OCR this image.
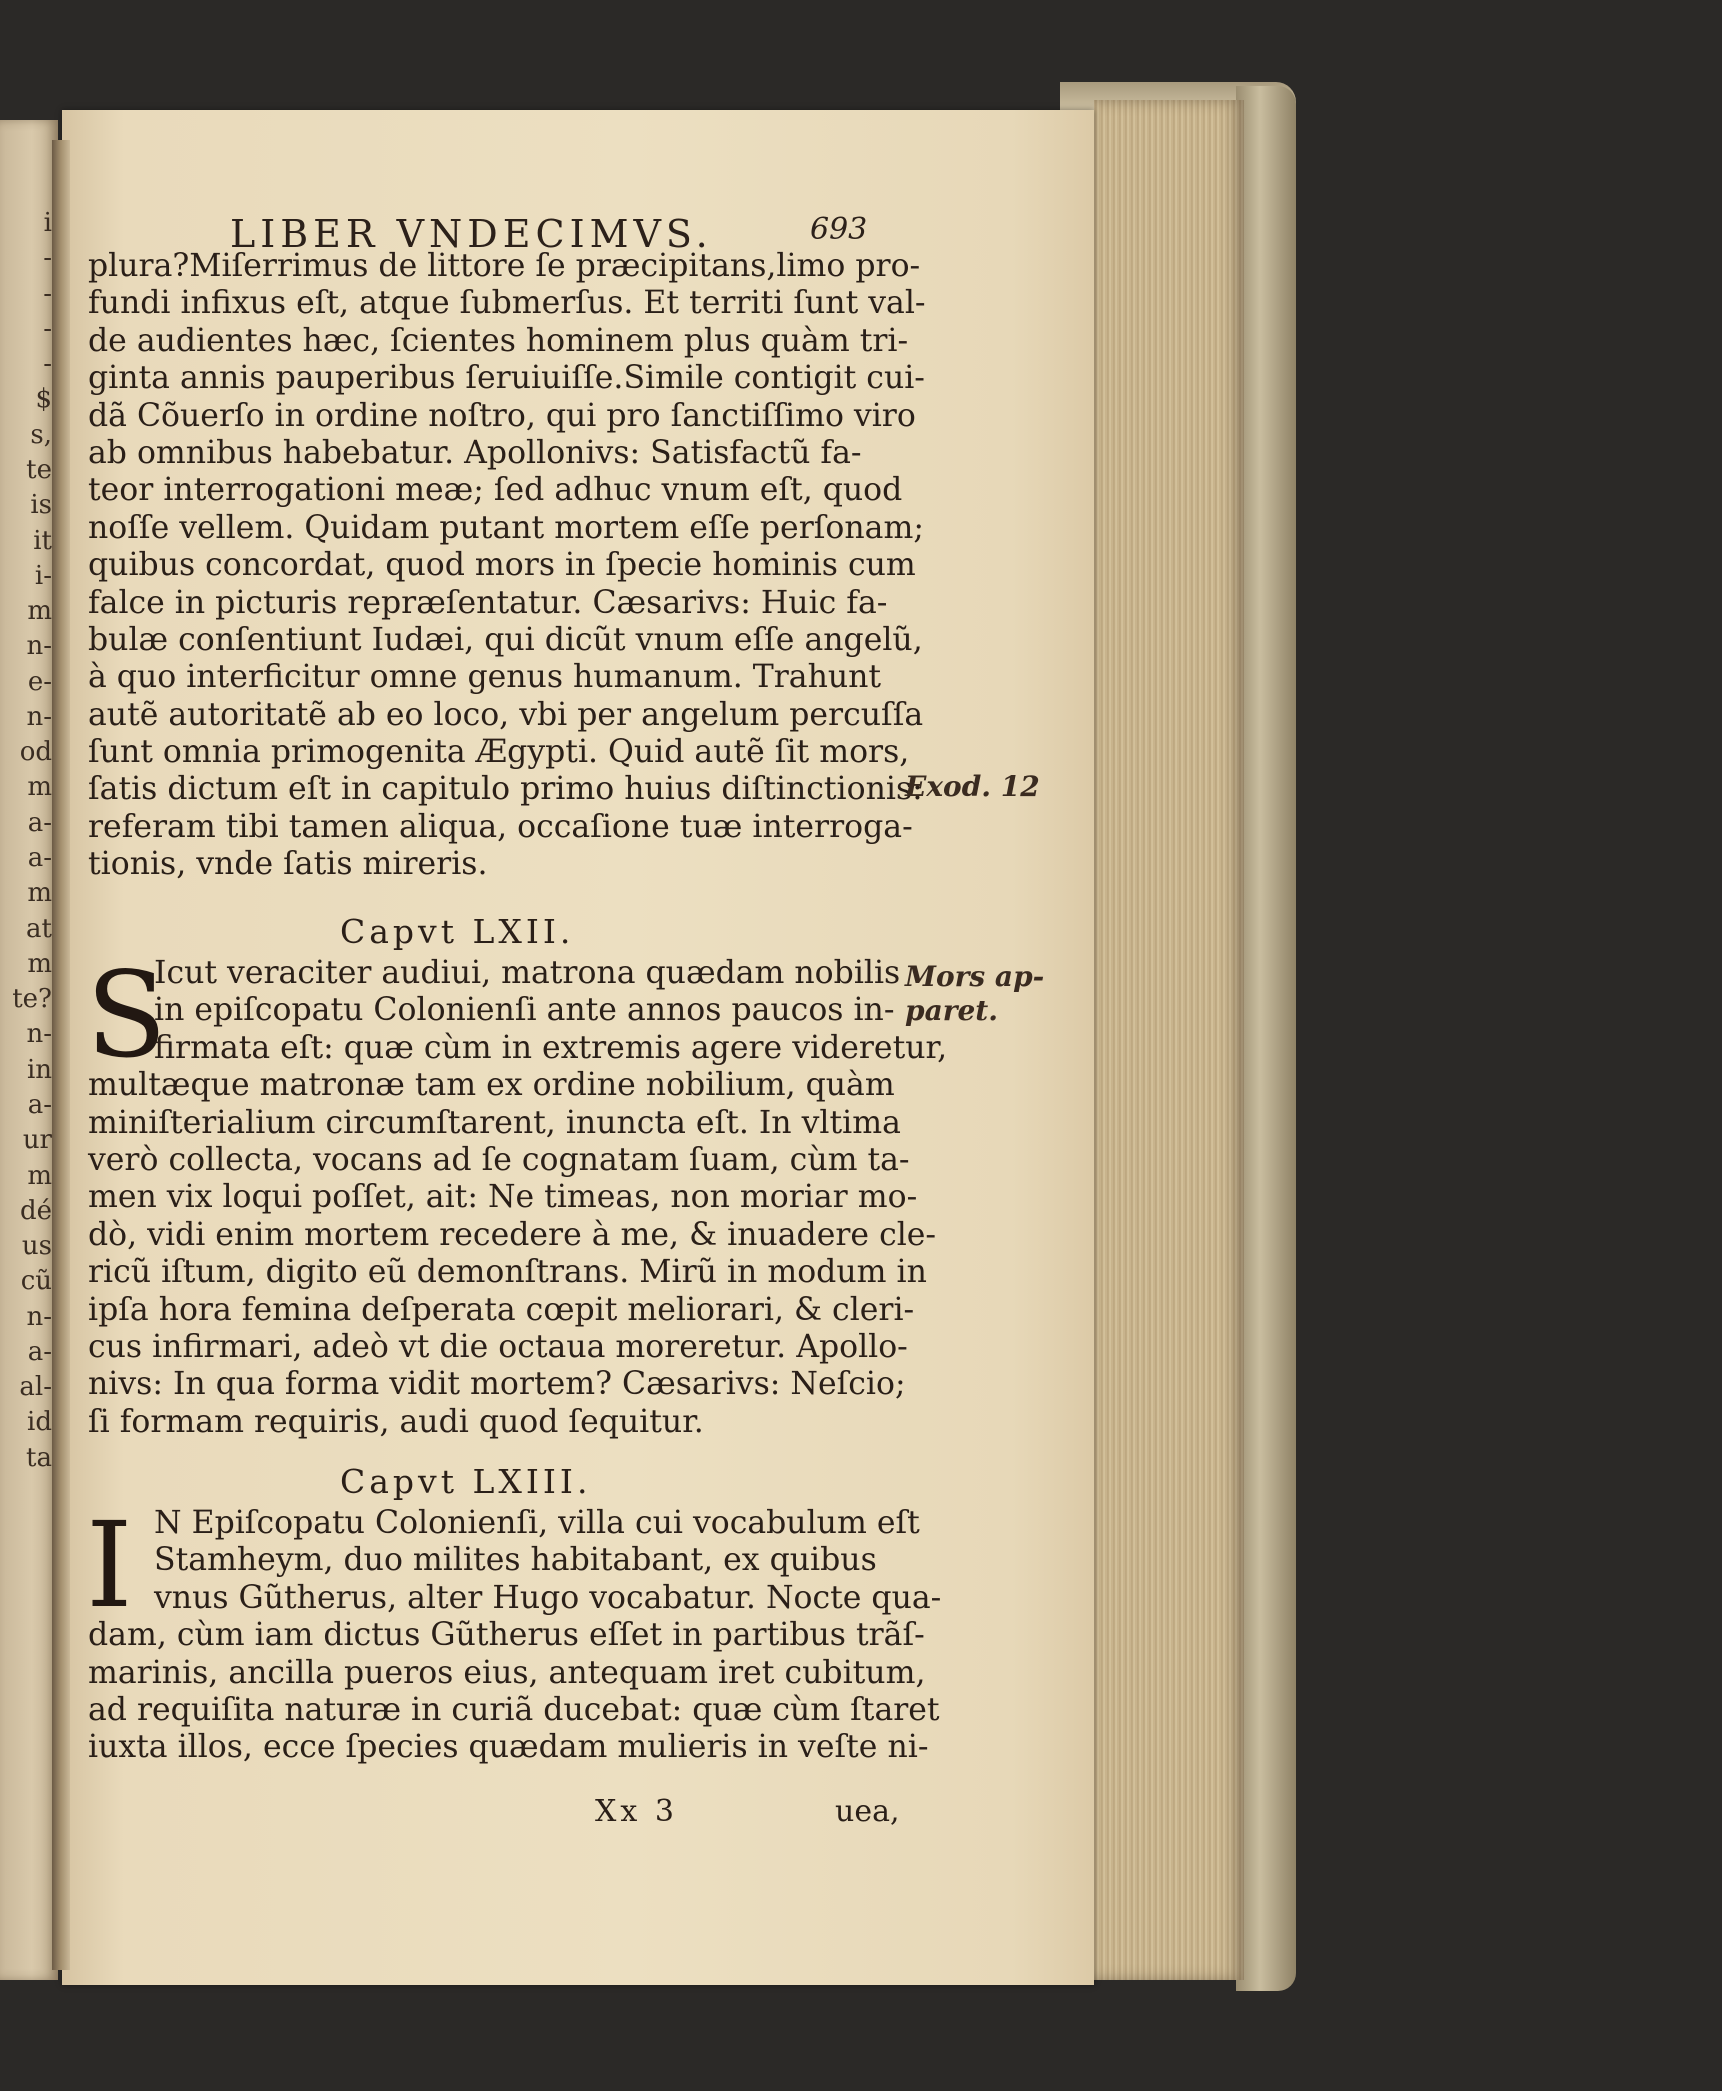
i
-
-
-
-
$
s,
te
is
it
i-
m
n-
e-
n-
od
m
a-
a-
m
at
m
te?
n-
in
a-
ur
m
dé
us
cũ
n-
a-
al-
id
ta
LIBER VNDECIMVS.	693
plura?Miſerrimus de littore ſe præcipitans,limo pro-
fundi infixus eſt, atque ſubmerſus. Et territi ſunt val-
de audientes hæc, ſcientes hominem plus quàm tri-
ginta annis pauperibus ſeruiuiſſe.Simile contigit cui-
dã Cõuerſo in ordine noſtro, qui pro ſanctiſſimo viro
ab omnibus habebatur. Apollonivs: Satisfactũ fa-
teor interrogationi meæ; ſed adhuc vnum eſt, quod
noſſe vellem. Quidam putant mortem eſſe perſonam;
quibus concordat, quod mors in ſpecie hominis cum
falce in picturis repræſentatur. Cæsarivs: Huic fa-
bulæ conſentiunt Iudæi, qui dicũt vnum eſſe angelũ,
à quo interficitur omne genus humanum. Trahunt
autẽ autoritatẽ ab eo loco, vbi per angelum percuſſa
ſunt omnia primogenita Ægypti. Quid autẽ ſit mors,
ſatis dictum eſt in capitulo primo huius diſtinctionis:
referam tibi tamen aliqua, occaſione tuæ interroga-
tionis, vnde ſatis mireris.
Capvt LXII.
S
Icut veraciter audiui, matrona quædam nobilis
in epiſcopatu Colonienſi ante annos paucos in-
firmata eſt: quæ cùm in extremis agere videretur,
multæque matronæ tam ex ordine nobilium, quàm
miniſterialium circumſtarent, inuncta eſt. In vltima
verò collecta, vocans ad ſe cognatam ſuam, cùm ta-
men vix loqui poſſet, ait: Ne timeas, non moriar mo-
dò, vidi enim mortem recedere à me, & inuadere cle-
ricũ iſtum, digito eũ demonſtrans. Mirũ in modum in
ipſa hora femina deſperata cœpit meliorari, & cleri-
cus infirmari, adeò vt die octaua moreretur. Apollo-
nivs: In qua forma vidit mortem? Cæsarivs: Neſcio;
ſi formam requiris, audi quod ſequitur.
Capvt LXIII.
I N Epiſcopatu Colonienſi, villa cui vocabulum eſt
Stamheym, duo milites habitabant, ex quibus
vnus Gũtherus, alter Hugo vocabatur. Nocte qua-
dam, cùm iam dictus Gũtherus eſſet in partibus trãſ-
marinis, ancilla pueros eius, antequam iret cubitum,
ad requiſita naturæ in curiã ducebat: quæ cùm ſtaret
iuxta illos, ecce ſpecies quædam mulieris in veſte ni-
Exod. 12
Mors ap-
paret.
Xx 3	uea,
